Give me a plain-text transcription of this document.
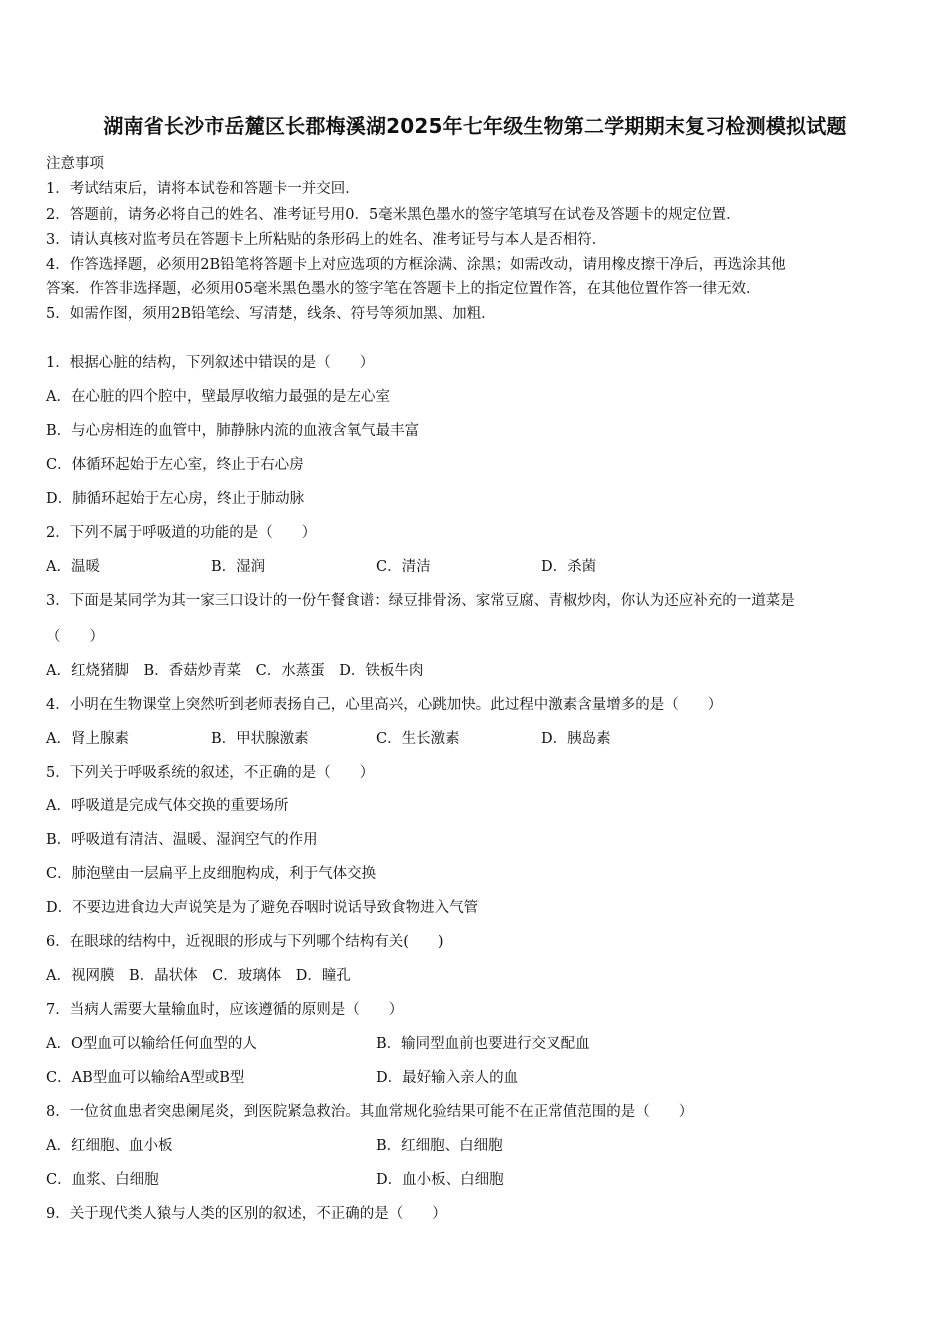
湖南省长沙市岳麓区长郡梅溪湖2025年七年级生物第二学期期末复习检测模拟试题
注意事项
1．考试结束后，请将本试卷和答题卡一并交回．
2．答题前，请务必将自己的姓名、准考证号用0．5毫米黑色墨水的签字笔填写在试卷及答题卡的规定位置．
3．请认真核对监考员在答题卡上所粘贴的条形码上的姓名、准考证号与本人是否相符．
4．作答选择题，必须用2B铅笔将答题卡上对应选项的方框涂满、涂黑；如需改动，请用橡皮擦干净后，再选涂其他
答案．作答非选择题，必须用05毫米黑色墨水的签字笔在答题卡上的指定位置作答，在其他位置作答一律无效．
5．如需作图，须用2B铅笔绘、写清楚，线条、符号等须加黑、加粗．
1．根据心脏的结构，下列叙述中错误的是（　　）
A．在心脏的四个腔中，壁最厚收缩力最强的是左心室
B．与心房相连的血管中，肺静脉内流的血液含氧气最丰富
C．体循环起始于左心室，终止于右心房
D．肺循环起始于左心房，终止于肺动脉
2．下列不属于呼吸道的功能的是（　　）
A．温暖	B．湿润	C．清洁	D．杀菌
3．下面是某同学为其一家三口设计的一份午餐食谱：绿豆排骨汤、家常豆腐、青椒炒肉，你认为还应补充的一道菜是
（　　）
A．红烧猪脚　B．香菇炒青菜　C．水蒸蛋　D．铁板牛肉
4．小明在生物课堂上突然听到老师表扬自己，心里高兴，心跳加快。此过程中激素含量增多的是（　　）
A．肾上腺素	B．甲状腺激素	C．生长激素	D．胰岛素
5．下列关于呼吸系统的叙述，不正确的是（　　）
A．呼吸道是完成气体交换的重要场所
B．呼吸道有清洁、温暖、湿润空气的作用
C．肺泡壁由一层扁平上皮细胞构成，利于气体交换
D．不要边进食边大声说笑是为了避免吞咽时说话导致食物进入气管
6．在眼球的结构中，近视眼的形成与下列哪个结构有关(　　)
A．视网膜　B．晶状体　C．玻璃体　D．瞳孔
7．当病人需要大量输血时，应该遵循的原则是（　　）
A．O型血可以输给任何血型的人	B．输同型血前也要进行交叉配血
C．AB型血可以输给A型或B型	D．最好输入亲人的血
8．一位贫血患者突患阑尾炎，到医院紧急救治。其血常规化验结果可能不在正常值范围的是（　　）
A．红细胞、血小板	B．红细胞、白细胞
C．血浆、白细胞	D．血小板、白细胞
9．关于现代类人猿与人类的区别的叙述，不正确的是（　　）
